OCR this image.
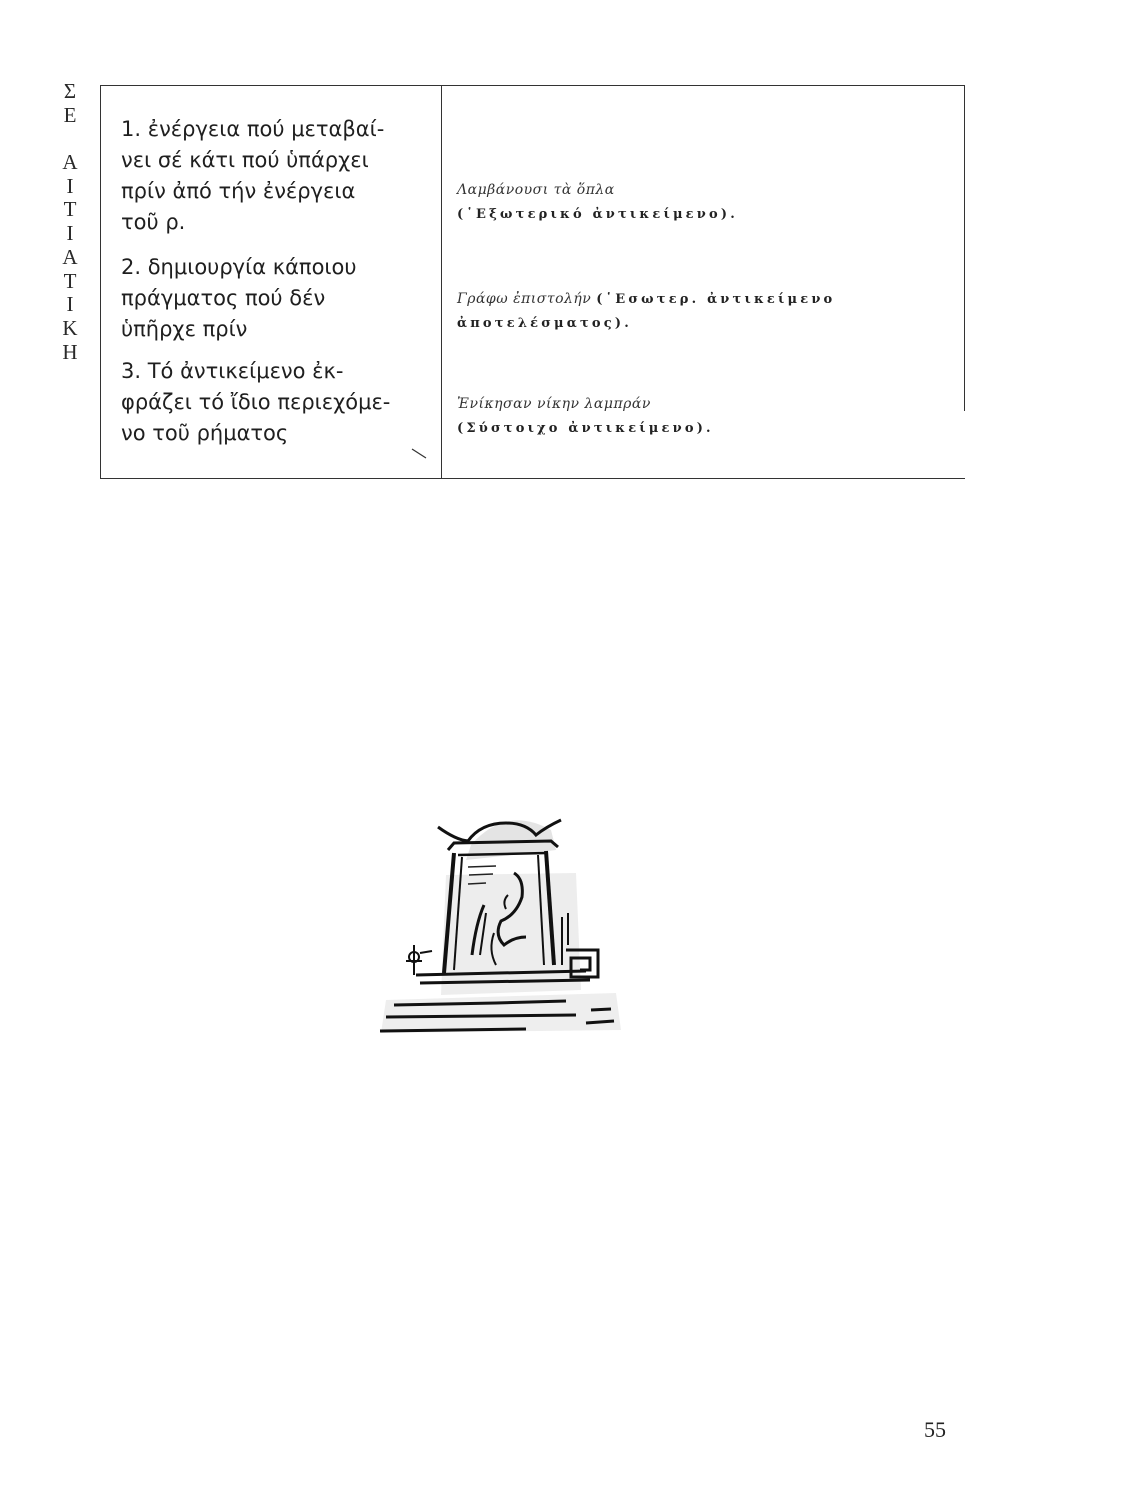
Σ
Ε
Α
Ι
Τ
Ι
Α
Τ
Ι
Κ
Η
1. ἐνέργεια πού μεταβαί-
νει σέ κάτι πού ὑπάρχει
πρίν ἀπό τήν ἐνέργεια
τοῦ ρ.
2. δημιουργία κάποιου
πράγματος πού δέν
ὑπῆρχε πρίν
3. Τό ἀντικείμενο ἐκ-
φράζει τό ἴδιο περιεχόμε-
νο τοῦ ρήματος
Λαμβάνουσι τὰ ὅπλα
(῾Εξωτερικό ἀντικείμενο).
Γράφω ἐπιστολήν (῾Εσωτερ. ἀντικείμενο
ἀποτελέσματος).
Ἐνίκησαν νίκην λαμπράν
(Σύστοιχο ἀντικείμενο).
55
